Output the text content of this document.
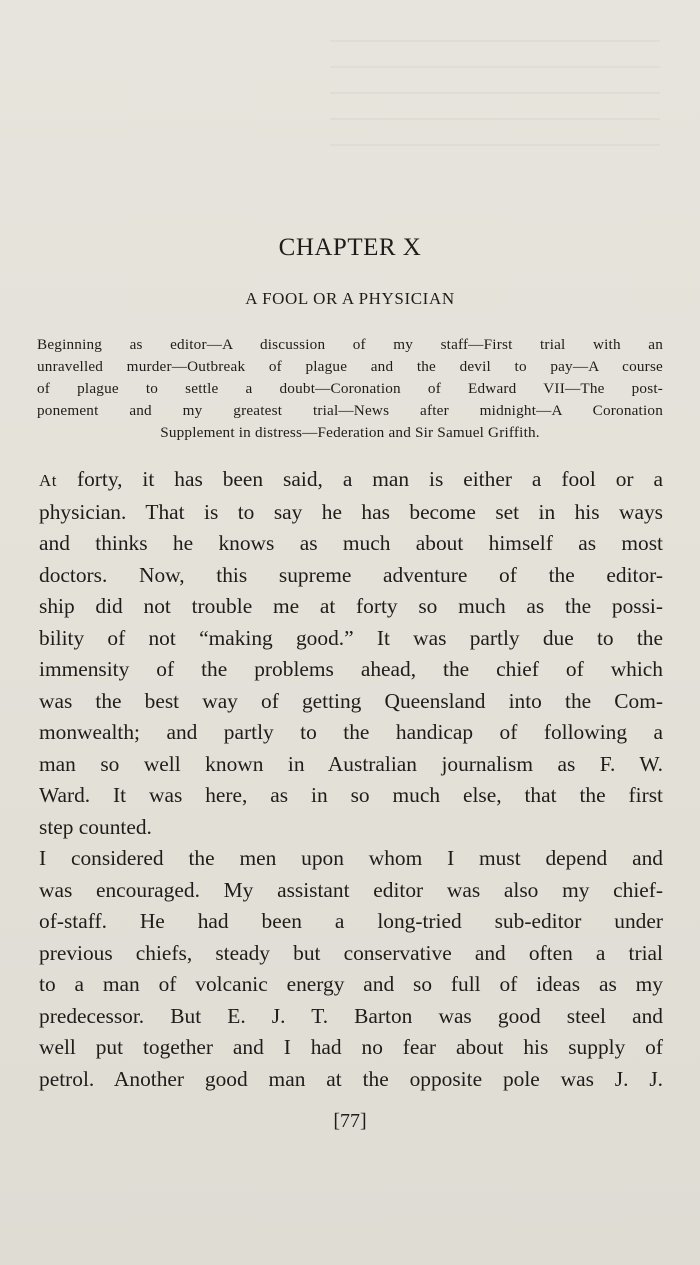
CHAPTER X
A FOOL OR A PHYSICIAN
Beginning as editor—A discussion of my staff—First trial with an
unravelled murder—Outbreak of plague and the devil to pay—A course
of plague to settle a doubt—Coronation of Edward VII—The post-
ponement and my greatest trial—News after midnight—A Coronation
Supplement in distress—Federation and Sir Samuel Griffith.
At forty, it has been said, a man is either a fool or a
physician. That is to say he has become set in his ways
and thinks he knows as much about himself as most
doctors. Now, this supreme adventure of the editor-
ship did not trouble me at forty so much as the possi-
bility of not “making good.” It was partly due to the
immensity of the problems ahead, the chief of which
was the best way of getting Queensland into the Com-
monwealth; and partly to the handicap of following a
man so well known in Australian journalism as F. W.
Ward. It was here, as in so much else, that the first
step counted.
I considered the men upon whom I must depend and
was encouraged. My assistant editor was also my chief-
of-staff. He had been a long-tried sub-editor under
previous chiefs, steady but conservative and often a trial
to a man of volcanic energy and so full of ideas as my
predecessor. But E. J. T. Barton was good steel and
well put together and I had no fear about his supply of
petrol. Another good man at the opposite pole was J. J.
[77]
